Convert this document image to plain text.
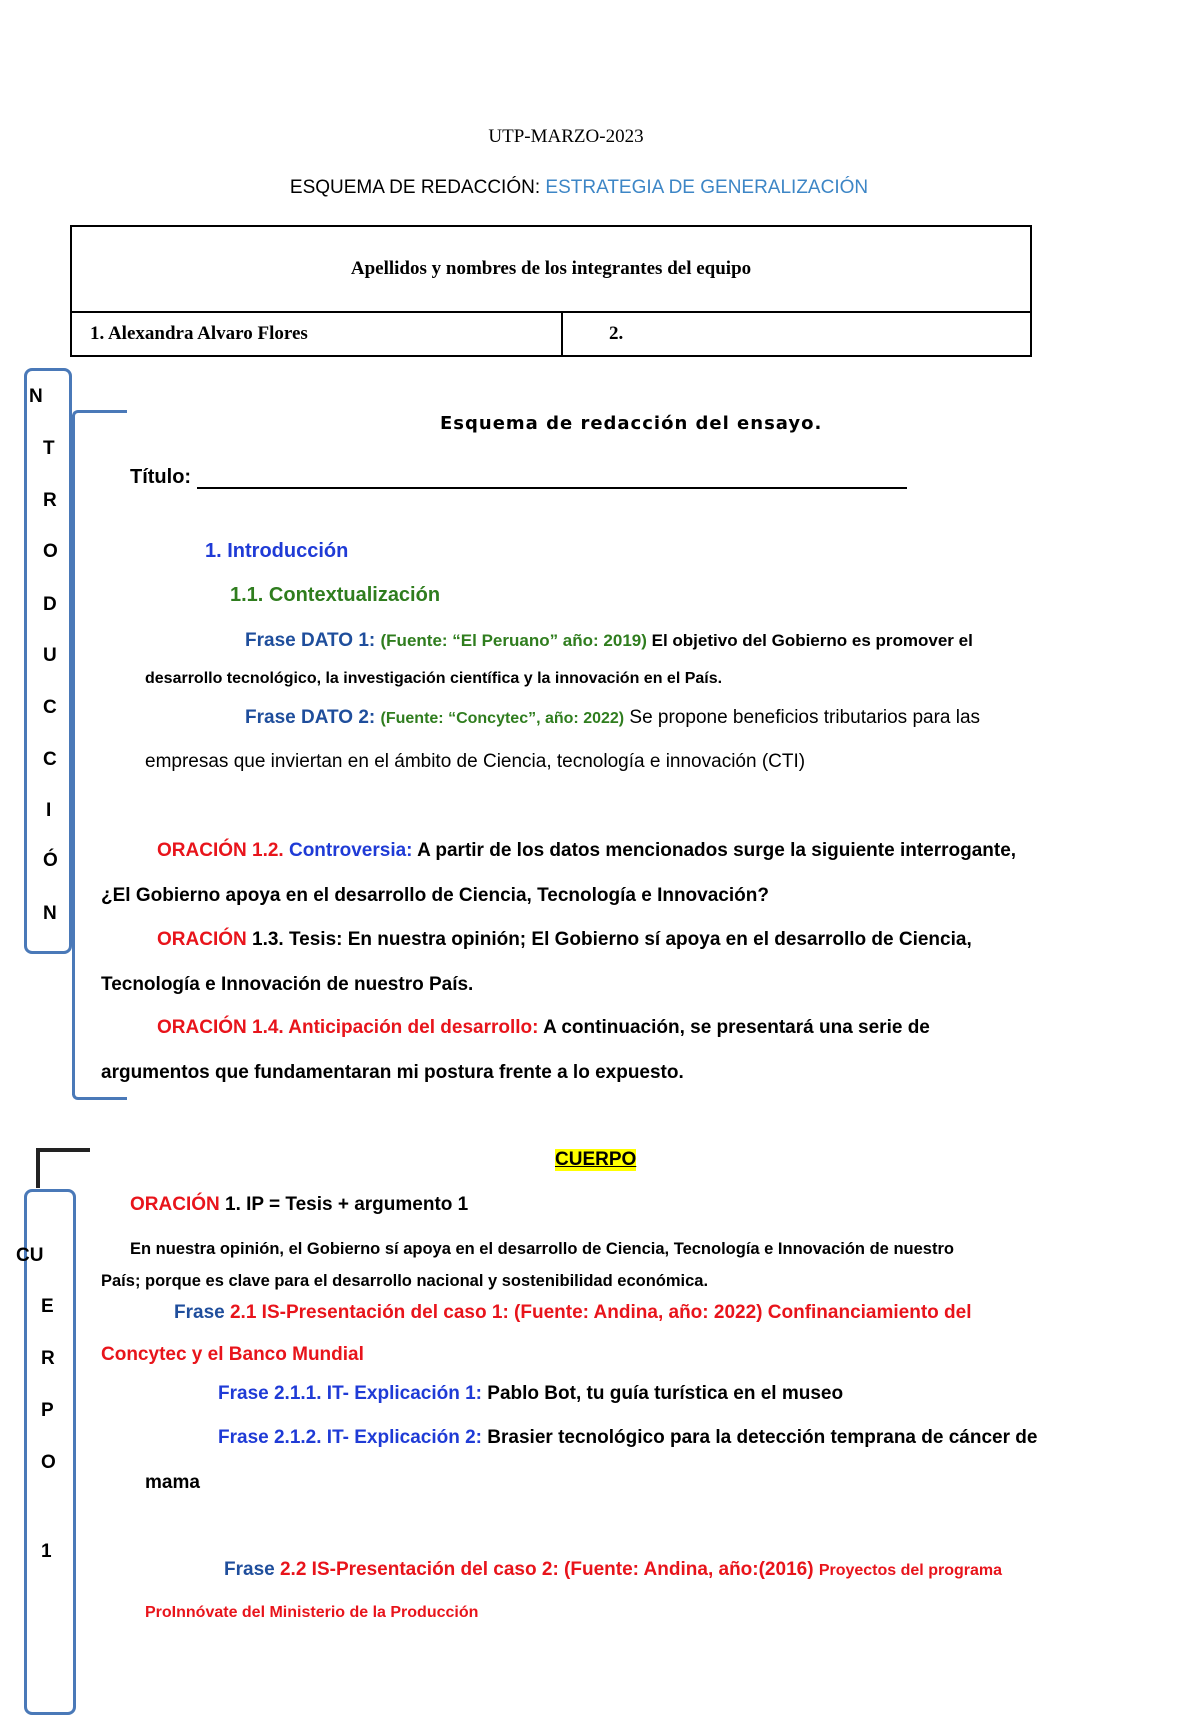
UTP-MARZO-2023
ESQUEMA DE REDACCIÓN: ESTRATEGIA DE GENERALIZACIÓN
Apellidos y nombres de los integrantes del equipo
1. Alexandra Alvaro Flores	2.
N
T
R
O
D
U
C
C
I
Ó
N
Esquema de redacción del ensayo.
Título:
1. Introducción
1.1. Contextualización
Frase DATO 1: (Fuente: “El Peruano” año: 2019) El objetivo del Gobierno es promover el
desarrollo tecnológico, la investigación científica y la innovación en el País.
Frase DATO 2: (Fuente: “Concytec”, año: 2022) Se propone beneficios tributarios para las
empresas que inviertan en el ámbito de Ciencia, tecnología e innovación (CTI)
ORACIÓN 1.2. Controversia: A partir de los datos mencionados surge la siguiente interrogante,
¿El Gobierno apoya en el desarrollo de Ciencia, Tecnología e Innovación?
ORACIÓN 1.3. Tesis: En nuestra opinión; El Gobierno sí apoya en el desarrollo de Ciencia,
Tecnología e Innovación de nuestro País.
ORACIÓN 1.4. Anticipación del desarrollo: A continuación, se presentará una serie de
argumentos que fundamentaran mi postura frente a lo expuesto.
CU
E
R
P
O
1
CUERPO
ORACIÓN 1. IP = Tesis + argumento 1
En nuestra opinión, el Gobierno sí apoya en el desarrollo de Ciencia, Tecnología e Innovación de nuestro
País; porque es clave para el desarrollo nacional y sostenibilidad económica.
Frase 2.1 IS-Presentación del caso 1: (Fuente: Andina, año: 2022) Confinanciamiento del
Concytec y el Banco Mundial
Frase 2.1.1. IT- Explicación 1: Pablo Bot, tu guía turística en el museo
Frase 2.1.2. IT- Explicación 2: Brasier tecnológico para la detección temprana de cáncer de
mama
Frase 2.2 IS-Presentación del caso 2: (Fuente: Andina, año:(2016) Proyectos del programa
ProInnóvate del Ministerio de la Producción
